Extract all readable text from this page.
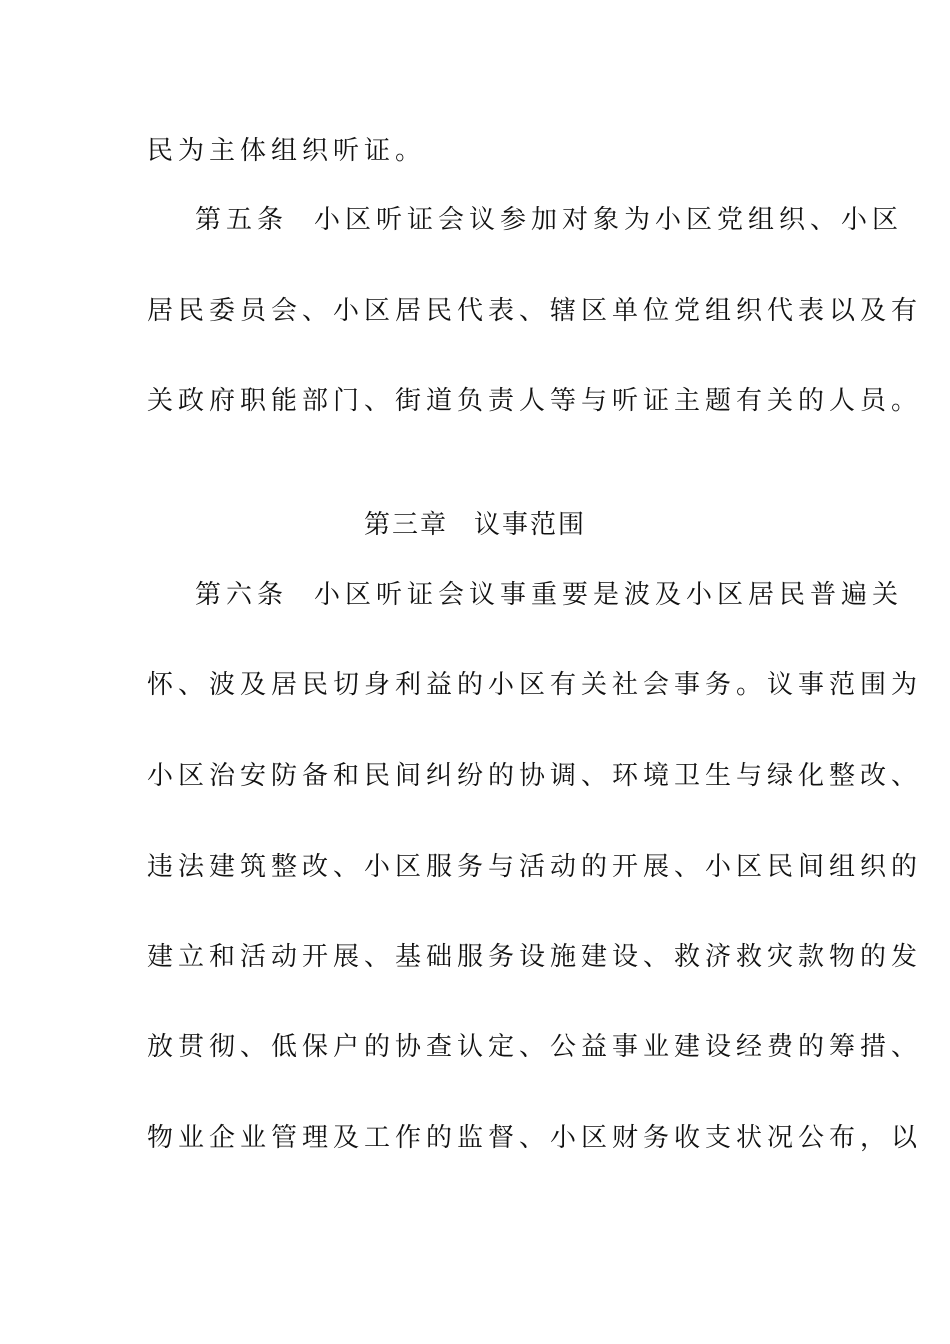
民为主体组织听证。
第五条 小区听证会议参加对象为小区党组织、小区
居民委员会、小区居民代表、辖区单位党组织代表以及有
关政府职能部门、街道负责人等与听证主题有关的人员。
第三章 议事范围
第六条 小区听证会议事重要是波及小区居民普遍关
怀、波及居民切身利益的小区有关社会事务。议事范围为
小区治安防备和民间纠纷的协调、环境卫生与绿化整改、
违法建筑整改、小区服务与活动的开展、小区民间组织的
建立和活动开展、基础服务设施建设、救济救灾款物的发
放贯彻、低保户的协查认定、公益事业建设经费的筹措、
物业企业管理及工作的监督、小区财务收支状况公布，以
